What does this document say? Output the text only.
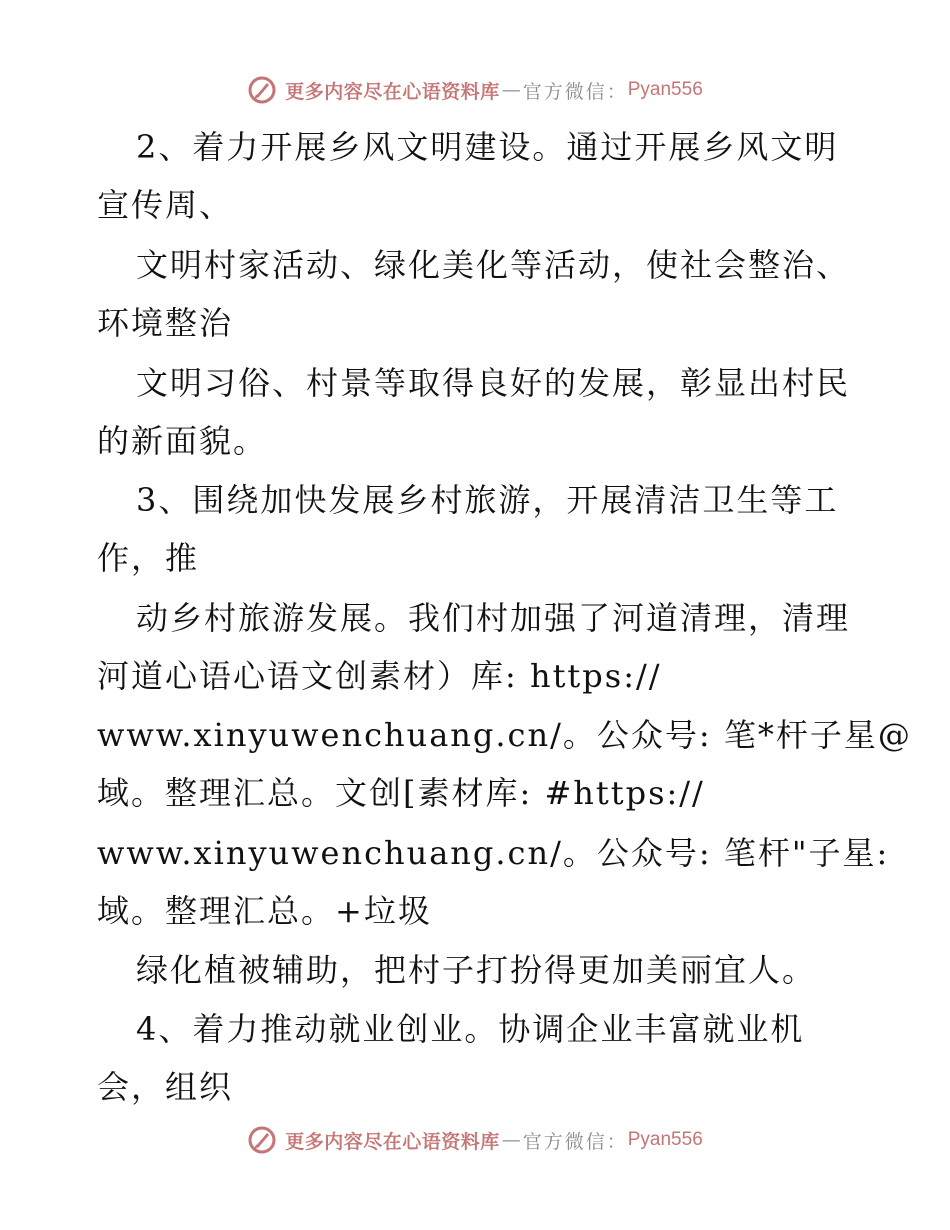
更多内容尽在心语资料库 — 官方微信： Pyan556
2、着力开展乡风文明建设。通过开展乡风文明
宣传周、
文明村家活动、绿化美化等活动，使社会整治、
环境整治
文明习俗、村景等取得良好的发展，彰显出村民
的新面貌。
3、围绕加快发展乡村旅游，开展清洁卫生等工
作，推
动乡村旅游发展。我们村加强了河道清理，清理
河道心语心语文创素材）库: https://
www.xinyuwenchuang.cn/。公众号: 笔*杆子星@
域。整理汇总。文创[素材库: #https://
www.xinyuwenchuang.cn/。公众号: 笔杆"子星:
域。整理汇总。+垃圾
绿化植被辅助，把村子打扮得更加美丽宜人。
4、着力推动就业创业。协调企业丰富就业机
会，组织
更多内容尽在心语资料库 — 官方微信： Pyan556
